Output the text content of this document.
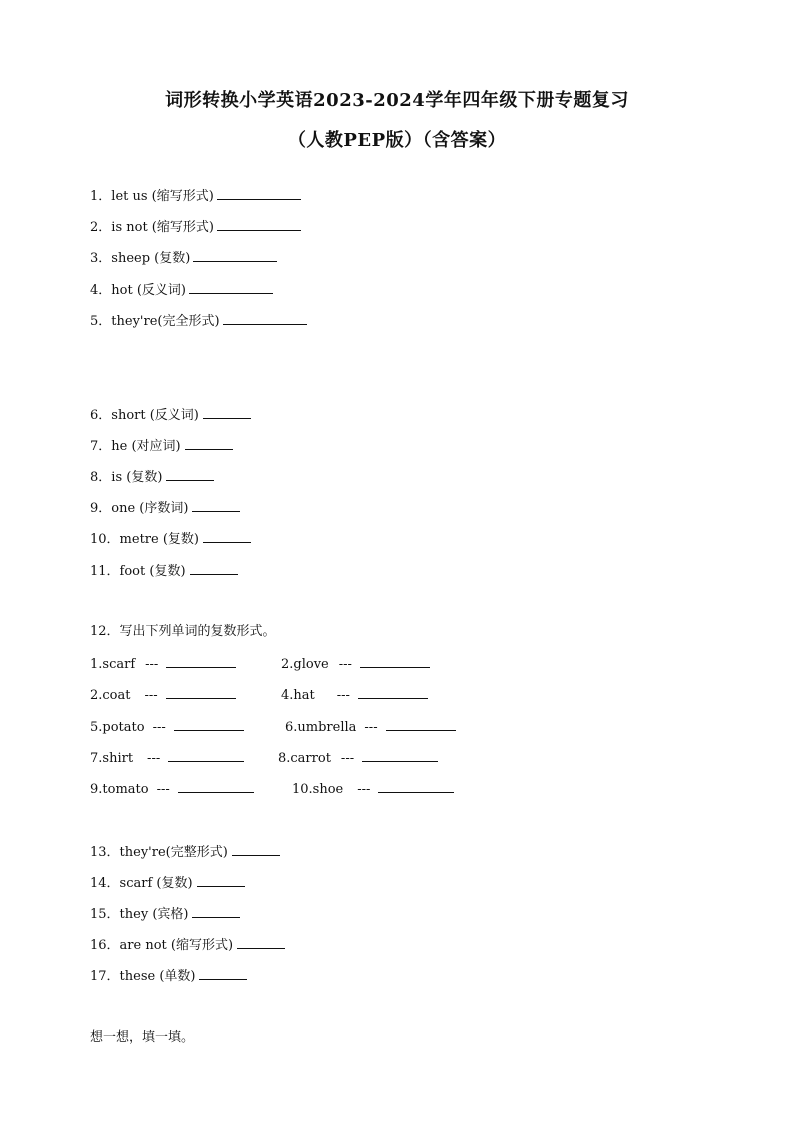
词形转换小学英语2023-2024学年四年级下册专题复习
（人教PEP版）（含答案）
1．let us (缩写形式)
2．is not (缩写形式)
3．sheep (复数)
4．hot (反义词)
5．they're(完全形式)
6．short (反义词)
7．he (对应词)
8．is (复数)
9．one (序数词)
10．metre (复数)
11．foot (复数)
12．写出下列单词的复数形式。
1.scarf ---	2.glove ---
2.coat ---	4.hat ---
5.potato ---	6.umbrella ---
7.shirt ---	8.carrot ---
9.tomato ---	10.shoe ---
13．they're(完整形式)
14．scarf (复数)
15．they (宾格)
16．are not (缩写形式)
17．these (单数)
想一想，填一填。
